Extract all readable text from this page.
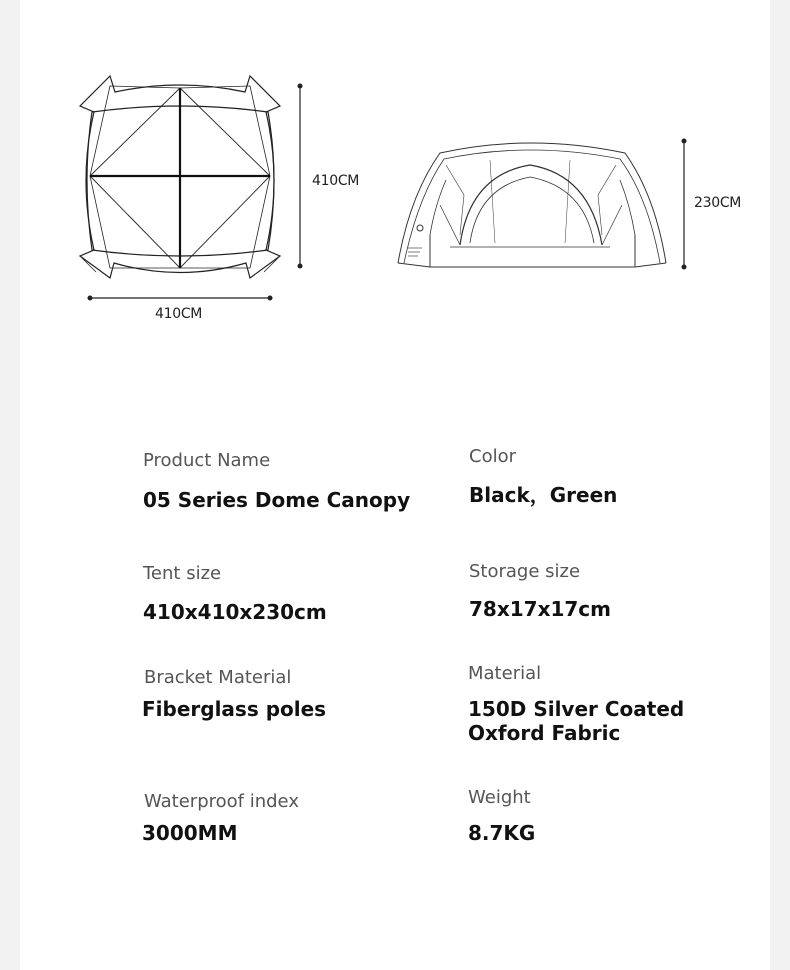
410CM
410CM
230CM
Product Name
05 Series Dome Canopy
Color
Black，Green
Tent size
410x410x230cm
Storage size
78x17x17cm
Bracket Material
Fiberglass poles
Material
150D Silver Coated
Oxford Fabric
Waterproof index
3000MM
Weight
8.7KG
